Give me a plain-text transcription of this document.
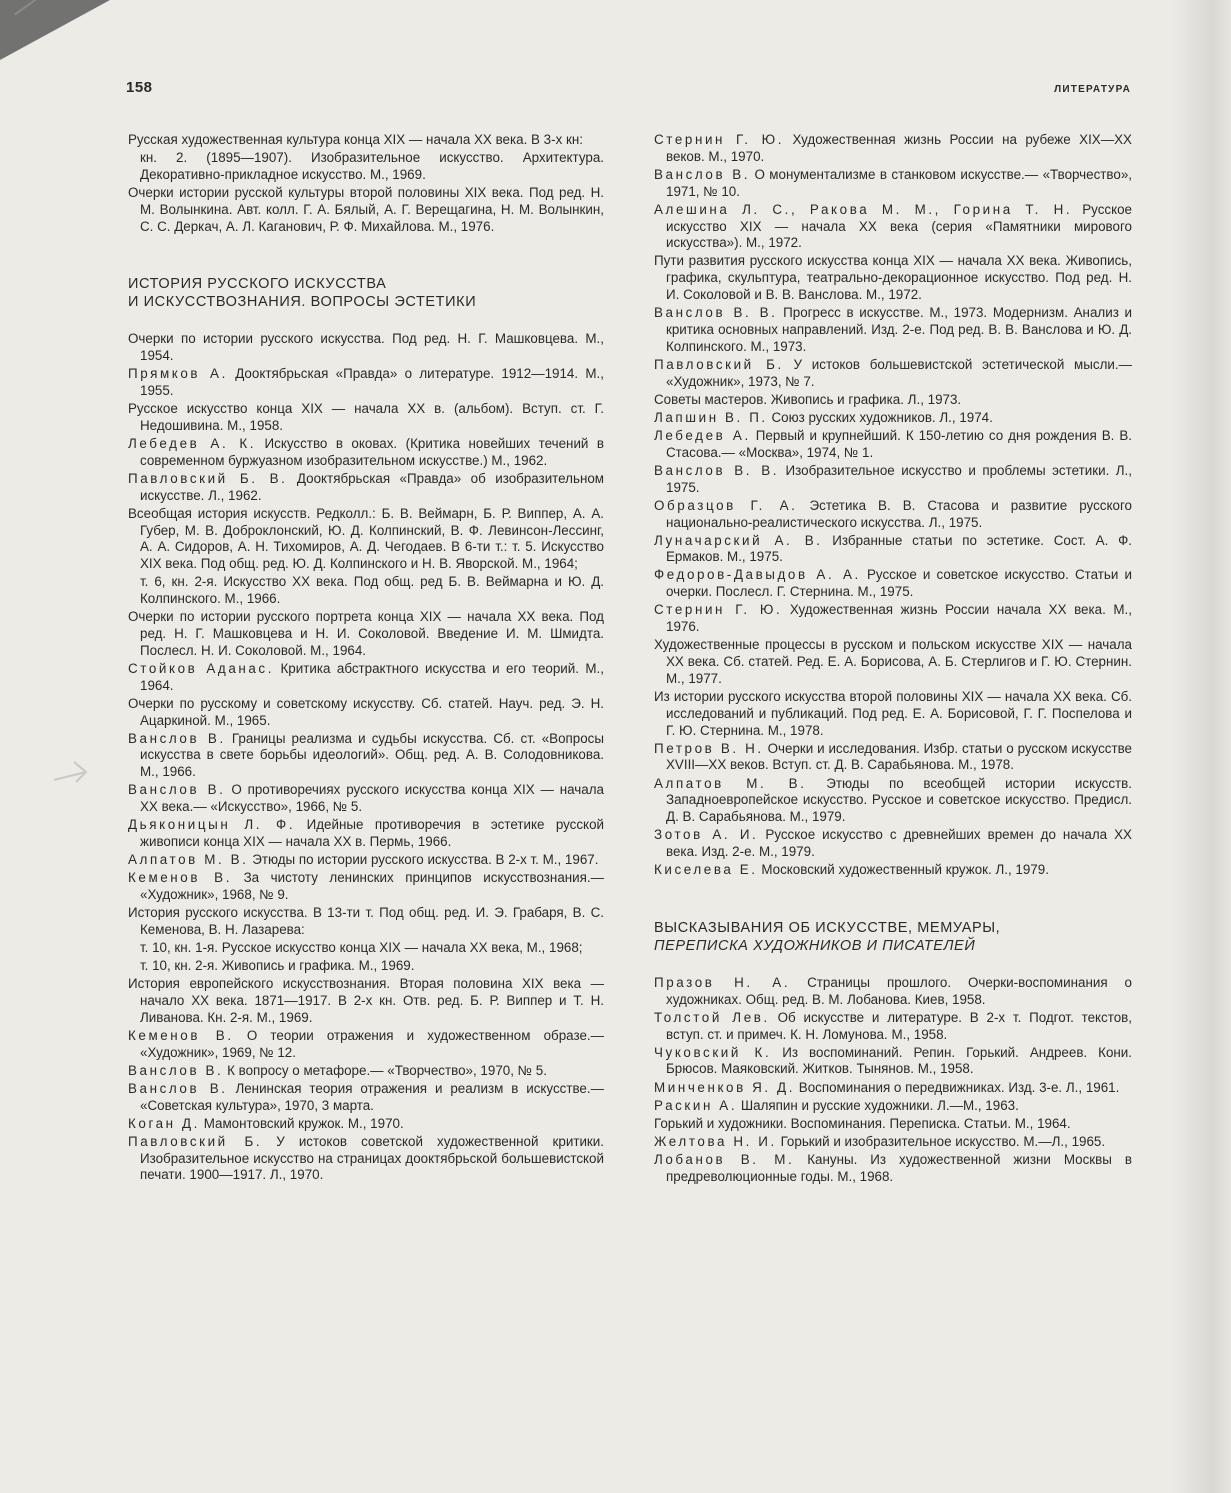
158	ЛИТЕРАТУРА
Русская художественная культура конца XIX — начала XX века. В 3-х кн:
кн. 2. (1895—1907). Изобразительное искусство. Архитектура. Декоративно-прикладное искусство. М., 1969.
Очерки истории русской культуры второй половины XIX века. Под ред. Н. М. Волынкина. Авт. колл. Г. А. Бялый, А. Г. Верещагина, Н. М. Волынкин, С. С. Деркач, А. Л. Каганович, Р. Ф. Михайлова. М., 1976.
ИСТОРИЯ РУССКОГО ИСКУССТВА
И ИСКУССТВОЗНАНИЯ. ВОПРОСЫ ЭСТЕТИКИ
Очерки по истории русского искусства. Под ред. Н. Г. Машковцева. М., 1954.
Прямков А. Дооктябрьская «Правда» о литературе. 1912—1914. М., 1955.
Русское искусство конца XIX — начала XX в. (альбом). Вступ. ст. Г. Недошивина. М., 1958.
Лебедев А. К. Искусство в оковах. (Критика новейших течений в современном буржуазном изобразительном искусстве.) М., 1962.
Павловский Б. В. Дооктябрьская «Правда» об изобразительном искусстве. Л., 1962.
Всеобщая история искусств. Редколл.: Б. В. Веймарн, Б. Р. Виппер, А. А. Губер, М. В. Доброклонский, Ю. Д. Колпинский, В. Ф. Левинсон-Лессинг, А. А. Сидоров, А. Н. Тихомиров, А. Д. Чегодаев. В 6-ти т.: т. 5. Искусство XIX века. Под общ. ред. Ю. Д. Колпинского и Н. В. Яворской. М., 1964;
т. 6, кн. 2-я. Искусство XX века. Под общ. ред Б. В. Веймарна и Ю. Д. Колпинского. М., 1966.
Очерки по истории русского портрета конца XIX — начала XX века. Под ред. Н. Г. Машковцева и Н. И. Соколовой. Введение И. М. Шмидта. Послесл. Н. И. Соколовой. М., 1964.
Стойков Аданас. Критика абстрактного искусства и его теорий. М., 1964.
Очерки по русскому и советскому искусству. Сб. статей. Науч. ред. Э. Н. Ацаркиной. М., 1965.
Ванслов В. Границы реализма и судьбы искусства. Сб. ст. «Вопросы искусства в свете борьбы идеологий». Общ. ред. А. В. Солодовникова. М., 1966.
Ванслов В. О противоречиях русского искусства конца XIX — начала XX века.— «Искусство», 1966, № 5.
Дьяконицын Л. Ф. Идейные противоречия в эстетике русской живописи конца XIX — начала XX в. Пермь, 1966.
Алпатов М. В. Этюды по истории русского искусства. В 2-х т. М., 1967.
Кеменов В. За чистоту ленинских принципов искусствознания.— «Художник», 1968, № 9.
История русского искусства. В 13-ти т. Под общ. ред. И. Э. Грабаря, В. С. Кеменова, В. Н. Лазарева:
т. 10, кн. 1-я. Русское искусство конца XIX — начала XX века, М., 1968;
т. 10, кн. 2-я. Живопись и графика. М., 1969.
История европейского искусствознания. Вторая половина XIX века — начало XX века. 1871—1917. В 2-х кн. Отв. ред. Б. Р. Виппер и Т. Н. Ливанова. Кн. 2-я. М., 1969.
Кеменов В. О теории отражения и художественном образе.— «Художник», 1969, № 12.
Ванслов В. К вопросу о метафоре.— «Творчество», 1970, № 5.
Ванслов В. Ленинская теория отражения и реализм в искусстве.— «Советская культура», 1970, 3 марта.
Коган Д. Мамонтовский кружок. М., 1970.
Павловский Б. У истоков советской художественной критики. Изобразительное искусство на страницах дооктябрьской большевистской печати. 1900—1917. Л., 1970.
Стернин Г. Ю. Художественная жизнь России на рубеже XIX—XX веков. М., 1970.
Ванслов В. О монументализме в станковом искусстве.— «Творчество», 1971, № 10.
Алешина Л. С., Ракова М. М., Горина Т. Н. Русское искусство XIX — начала XX века (серия «Памятники мирового искусства»). М., 1972.
Пути развития русского искусства конца XIX — начала XX века. Живопись, графика, скульптура, театрально-декорационное искусство. Под ред. Н. И. Соколовой и В. В. Ванслова. М., 1972.
Ванслов В. В. Прогресс в искусстве. М., 1973. Модернизм. Анализ и критика основных направлений. Изд. 2-е. Под ред. В. В. Ванслова и Ю. Д. Колпинского. М., 1973.
Павловский Б. У истоков большевистской эстетической мысли.— «Художник», 1973, № 7.
Советы мастеров. Живопись и графика. Л., 1973.
Лапшин В. П. Союз русских художников. Л., 1974.
Лебедев А. Первый и крупнейший. К 150-летию со дня рождения В. В. Стасова.— «Москва», 1974, № 1.
Ванслов В. В. Изобразительное искусство и проблемы эстетики. Л., 1975.
Образцов Г. А. Эстетика В. В. Стасова и развитие русского национально-реалистического искусства. Л., 1975.
Луначарский А. В. Избранные статьи по эстетике. Сост. А. Ф. Ермаков. М., 1975.
Федоров-Давыдов А. А. Русское и советское искусство. Статьи и очерки. Послесл. Г. Стернина. М., 1975.
Стернин Г. Ю. Художественная жизнь России начала XX века. М., 1976.
Художественные процессы в русском и польском искусстве XIX — начала XX века. Сб. статей. Ред. Е. А. Борисова, А. Б. Стерлигов и Г. Ю. Стернин. М., 1977.
Из истории русского искусства второй половины XIX — начала XX века. Сб. исследований и публикаций. Под ред. Е. А. Борисовой, Г. Г. Поспелова и Г. Ю. Стернина. М., 1978.
Петров В. Н. Очерки и исследования. Избр. статьи о русском искусстве XVIII—XX веков. Вступ. ст. Д. В. Сарабьянова. М., 1978.
Алпатов М. В. Этюды по всеобщей истории искусств. Западноевропейское искусство. Русское и советское искусство. Предисл. Д. В. Сарабьянова. М., 1979.
Зотов А. И. Русское искусство с древнейших времен до начала XX века. Изд. 2-е. М., 1979.
Киселева Е. Московский художественный кружок. Л., 1979.
ВЫСКАЗЫВАНИЯ ОБ ИСКУССТВЕ, МЕМУАРЫ,
ПЕРЕПИСКА ХУДОЖНИКОВ И ПИСАТЕЛЕЙ
Празов Н. А. Страницы прошлого. Очерки-воспоминания о художниках. Общ. ред. В. М. Лобанова. Киев, 1958.
Толстой Лев. Об искусстве и литературе. В 2-х т. Подгот. текстов, вступ. ст. и примеч. К. Н. Ломунова. М., 1958.
Чуковский К. Из воспоминаний. Репин. Горький. Андреев. Кони. Брюсов. Маяковский. Житков. Тынянов. М., 1958.
Минченков Я. Д. Воспоминания о передвижниках. Изд. 3-е. Л., 1961.
Раскин А. Шаляпин и русские художники. Л.—М., 1963.
Горький и художники. Воспоминания. Переписка. Статьи. М., 1964.
Желтова Н. И. Горький и изобразительное искусство. М.—Л., 1965.
Лобанов В. М. Кануны. Из художественной жизни Москвы в предреволюционные годы. М., 1968.
